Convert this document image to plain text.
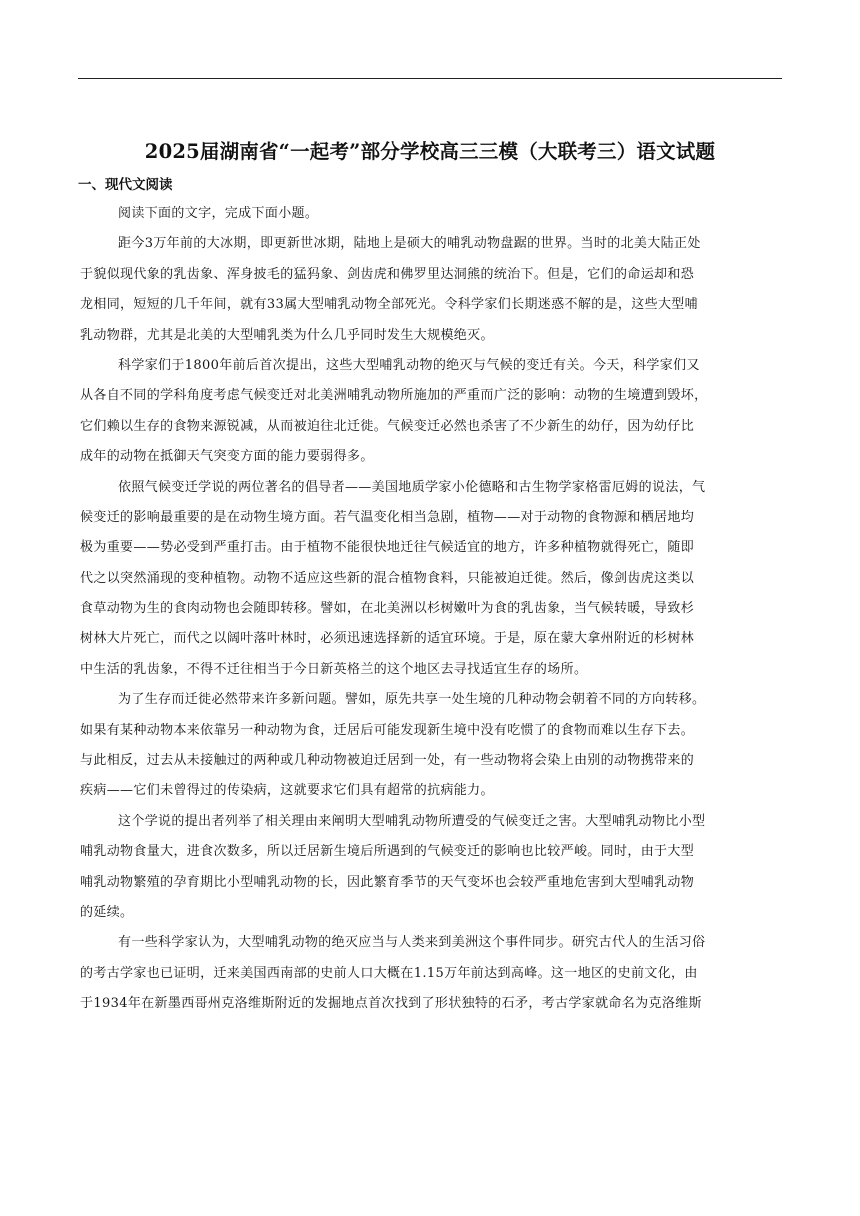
2025届湖南省“一起考”部分学校高三三模（大联考三）语文试题
一、现代文阅读

阅读下面的文字，完成下面小题。

距今3万年前的大冰期，即更新世冰期，陆地上是硕大的哺乳动物盘踞的世界。当时的北美大陆正处
于貌似现代象的乳齿象、浑身披毛的猛犸象、剑齿虎和佛罗里达洞熊的统治下。但是，它们的命运却和恐
龙相同，短短的几千年间，就有33属大型哺乳动物全部死光。令科学家们长期迷惑不解的是，这些大型哺
乳动物群，尤其是北美的大型哺乳类为什么几乎同时发生大规模绝灭。

科学家们于1800年前后首次提出，这些大型哺乳动物的绝灭与气候的变迁有关。今天，科学家们又
从各自不同的学科角度考虑气候变迁对北美洲哺乳动物所施加的严重而广泛的影响：动物的生境遭到毁坏，
它们赖以生存的食物来源锐减，从而被迫往北迁徙。气候变迁必然也杀害了不少新生的幼仔，因为幼仔比
成年的动物在抵御天气突变方面的能力要弱得多。

依照气候变迁学说的两位著名的倡导者——美国地质学家小伦德略和古生物学家格雷厄姆的说法，气
候变迁的影响最重要的是在动物生境方面。若气温变化相当急剧，植物——对于动物的食物源和栖居地均
极为重要——势必受到严重打击。由于植物不能很快地迁往气候适宜的地方，许多种植物就得死亡，随即
代之以突然涌现的变种植物。动物不适应这些新的混合植物食料，只能被迫迁徙。然后，像剑齿虎这类以
食草动物为生的食肉动物也会随即转移。譬如，在北美洲以杉树嫩叶为食的乳齿象，当气候转暖，导致杉
树林大片死亡，而代之以阔叶落叶林时，必须迅速选择新的适宜环境。于是，原在蒙大拿州附近的杉树林
中生活的乳齿象，不得不迁往相当于今日新英格兰的这个地区去寻找适宜生存的场所。

为了生存而迁徙必然带来许多新问题。譬如，原先共享一处生境的几种动物会朝着不同的方向转移。
如果有某种动物本来依靠另一种动物为食，迁居后可能发现新生境中没有吃惯了的食物而难以生存下去。
与此相反，过去从未接触过的两种或几种动物被迫迁居到一处，有一些动物将会染上由别的动物携带来的
疾病——它们未曾得过的传染病，这就要求它们具有超常的抗病能力。

这个学说的提出者列举了相关理由来阐明大型哺乳动物所遭受的气候变迁之害。大型哺乳动物比小型
哺乳动物食量大，进食次数多，所以迁居新生境后所遇到的气候变迁的影响也比较严峻。同时，由于大型
哺乳动物繁殖的孕育期比小型哺乳动物的长，因此繁育季节的天气变坏也会较严重地危害到大型哺乳动物
的延续。

有一些科学家认为，大型哺乳动物的绝灭应当与人类来到美洲这个事件同步。研究古代人的生活习俗
的考古学家也已证明，迁来美国西南部的史前人口大概在1.15万年前达到高峰。这一地区的史前文化，由
于1934年在新墨西哥州克洛维斯附近的发掘地点首次找到了形状独特的石矛，考古学家就命名为克洛维斯
